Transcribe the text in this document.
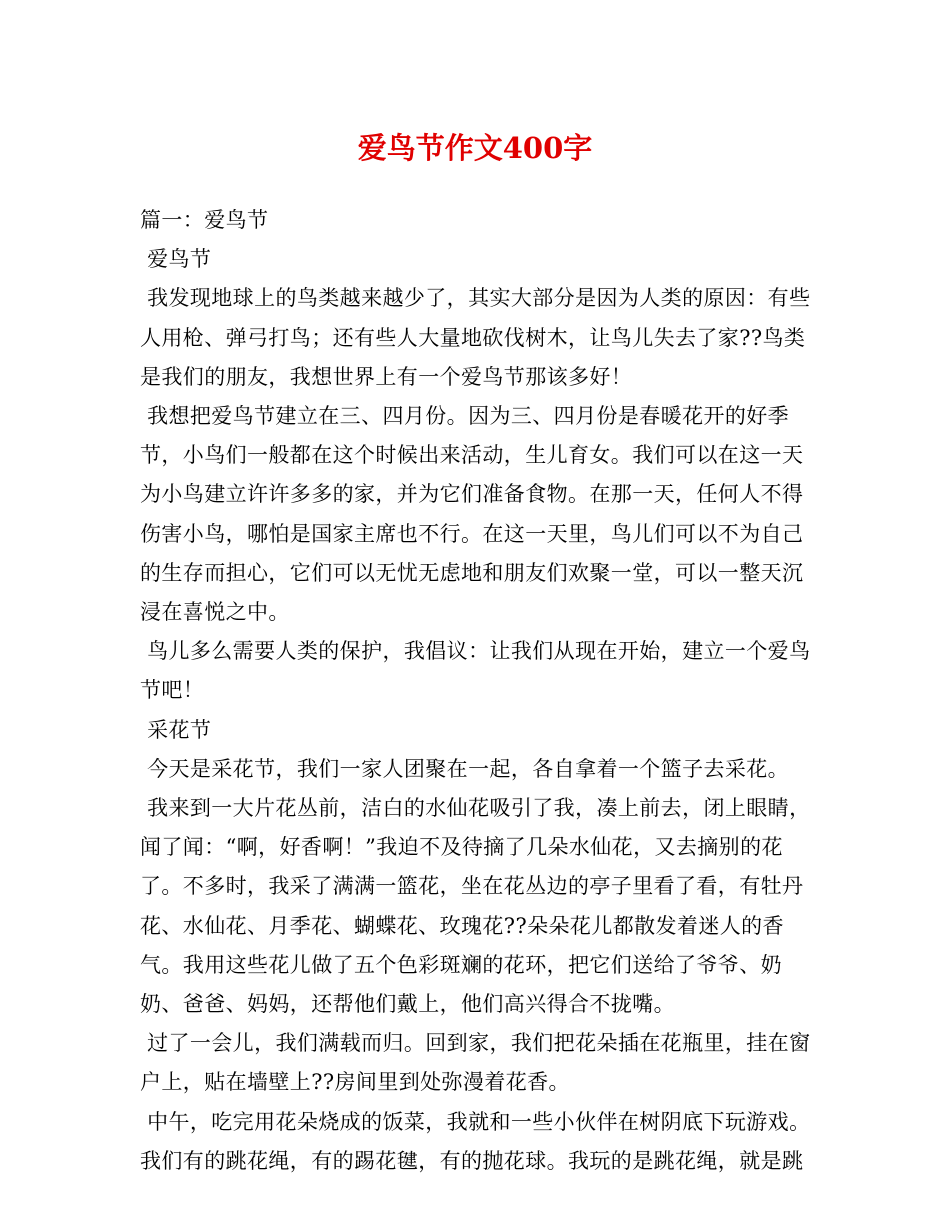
爱鸟节作文400字

篇一：爱鸟节

爱鸟节

我发现地球上的鸟类越来越少了，其实大部分是因为人类的原因：有些人用枪、弹弓打鸟；还有些人大量地砍伐树木，让鸟儿失去了家??鸟类是我们的朋友，我想世界上有一个爱鸟节那该多好！

我想把爱鸟节建立在三、四月份。因为三、四月份是春暖花开的好季节，小鸟们一般都在这个时候出来活动，生儿育女。我们可以在这一天为小鸟建立许许多多的家，并为它们准备食物。在那一天，任何人不得伤害小鸟，哪怕是国家主席也不行。在这一天里，鸟儿们可以不为自己的生存而担心，它们可以无忧无虑地和朋友们欢聚一堂，可以一整天沉浸在喜悦之中。

鸟儿多么需要人类的保护，我倡议：让我们从现在开始，建立一个爱鸟节吧！

采花节

今天是采花节，我们一家人团聚在一起，各自拿着一个篮子去采花。

我来到一大片花丛前，洁白的水仙花吸引了我，凑上前去，闭上眼睛，闻了闻：“啊，好香啊！”我迫不及待摘了几朵水仙花，又去摘别的花了。不多时，我采了满满一篮花，坐在花丛边的亭子里看了看，有牡丹花、水仙花、月季花、蝴蝶花、玫瑰花??朵朵花儿都散发着迷人的香气。我用这些花儿做了五个色彩斑斓的花环，把它们送给了爷爷、奶奶、爸爸、妈妈，还帮他们戴上，他们高兴得合不拢嘴。

过了一会儿，我们满载而归。回到家，我们把花朵插在花瓶里，挂在窗户上，贴在墙壁上??房间里到处弥漫着花香。

中午，吃完用花朵烧成的饭菜，我就和一些小伙伴在树阴底下玩游戏。我们有的跳花绳，有的踢花毽，有的抛花球。我玩的是跳花绳，就是跳
